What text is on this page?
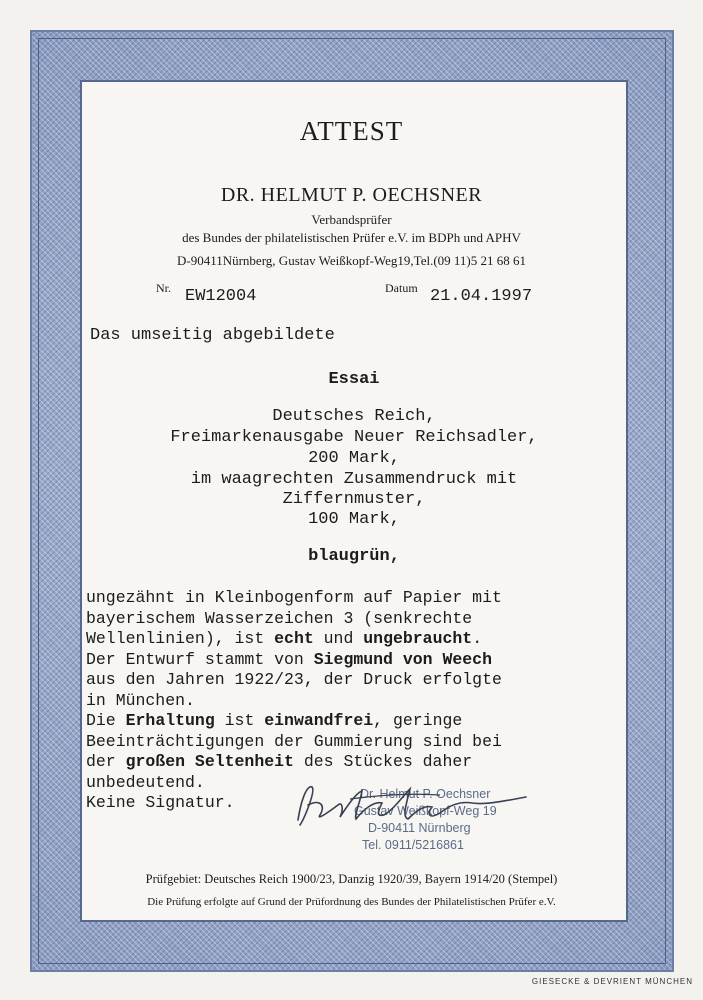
ATTEST
DR. HELMUT P. OECHSNER
Verbandsprüfer
des Bundes der philatelistischen Prüfer e.V. im BDPh und APHV
D-90411Nürnberg, Gustav Weißkopf-Weg19,Tel.(09 11)5 21 68 61
Nr. EW12004	Datum 21.04.1997
Das umseitig abgebildete
Essai
Deutsches Reich,
Freimarkenausgabe Neuer Reichsadler,
200 Mark,
im waagrechten Zusammendruck mit
Ziffernmuster,
100 Mark,
blaugrün,
ungezähnt in Kleinbogenform auf Papier mit
bayerischem Wasserzeichen 3 (senkrechte
Wellenlinien), ist echt und ungebraucht.
Der Entwurf stammt von Siegmund von Weech
aus den Jahren 1922/23, der Druck erfolgte
in München.
Die Erhaltung ist einwandfrei, geringe
Beeinträchtigungen der Gummierung sind bei
der großen Seltenheit des Stückes daher
unbedeutend.
Keine Signatur.	Dr. Helmut P. Oechsner
Gustav Weißkopf-Weg 19
D-90411 Nürnberg
Tel. 0911/5216861
Prüfgebiet: Deutsches Reich 1900/23, Danzig 1920/39, Bayern 1914/20 (Stempel)
Die Prüfung erfolgte auf Grund der Prüfordnung des Bundes der Philatelistischen Prüfer e.V.
GIESECKE & DEVRIENT MÜNCHEN
